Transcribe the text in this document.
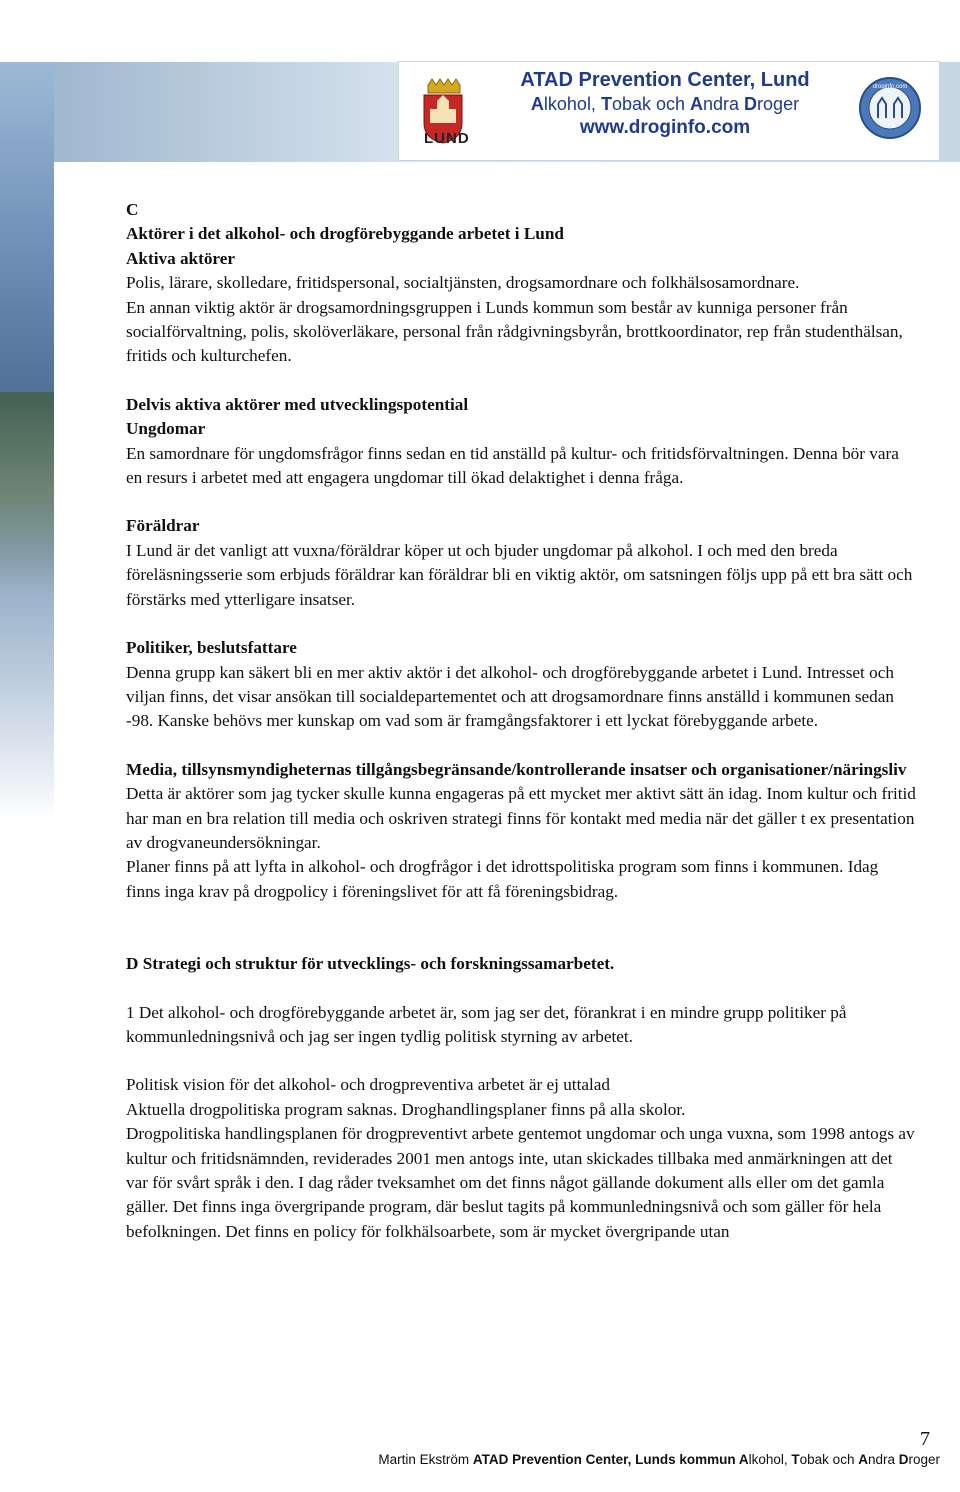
LUND
ATAD Prevention Center, Lund
Alkohol, Tobak och Andra Droger
www.droginfo.com
droginfo.com

C

Aktörer i det alkohol- och drogförebyggande arbetet i Lund

Aktiva aktörer

Polis, lärare, skolledare, fritidspersonal, socialtjänsten, drogsamordnare och folkhälsosamordnare.

En annan viktig aktör är drogsamordningsgruppen i Lunds kommun som består av kunniga personer från socialförvaltning, polis, skolöverläkare, personal från rådgivningsbyrån, brottkoordinator, rep från studenthälsan, fritids och kulturchefen.

Delvis aktiva aktörer med utvecklingspotential

Ungdomar

En samordnare för ungdomsfrågor finns sedan en tid anställd på kultur- och fritidsförvaltningen. Denna bör vara en resurs i arbetet med att engagera ungdomar till ökad delaktighet i denna fråga.

Föräldrar

I Lund är det vanligt att vuxna/föräldrar köper ut och bjuder ungdomar på alkohol. I och med den breda föreläsningsserie som erbjuds föräldrar kan föräldrar bli en viktig aktör, om satsningen följs upp på ett bra sätt och förstärks med ytterligare insatser.

Politiker, beslutsfattare

Denna grupp kan säkert bli en mer aktiv aktör i det alkohol- och drogförebyggande arbetet i Lund. Intresset och viljan finns, det visar ansökan till socialdepartementet och att drogsamordnare finns anställd i kommunen sedan -98. Kanske behövs mer kunskap om vad som är framgångsfaktorer i ett lyckat förebyggande arbete.

Media, tillsynsmyndigheternas tillgångsbegränsande/kontrollerande insatser och organisationer/näringsliv

Detta är aktörer som jag tycker skulle kunna engageras på ett mycket mer aktivt sätt än idag. Inom kultur och fritid har man en bra relation till media och oskriven strategi finns för kontakt med media när det gäller t ex presentation av drogvaneundersökningar.

Planer finns på att lyfta in alkohol- och drogfrågor i det idrottspolitiska program som finns i kommunen. Idag finns inga krav på drogpolicy i föreningslivet för att få föreningsbidrag.

D Strategi och struktur för utvecklings- och forskningssamarbetet.

1 Det alkohol- och drogförebyggande arbetet är, som jag ser det, förankrat i en mindre grupp politiker på kommunledningsnivå och jag ser ingen tydlig politisk styrning av arbetet.

Politisk vision för det alkohol- och drogpreventiva arbetet är ej uttalad

Aktuella drogpolitiska program saknas. Droghandlingsplaner finns på alla skolor.

Drogpolitiska handlingsplanen för drogpreventivt arbete gentemot ungdomar och unga vuxna, som 1998 antogs av kultur och fritidsnämnden, reviderades 2001 men antogs inte, utan skickades tillbaka med anmärkningen att det var för svårt språk i den. I dag råder tveksamhet om det finns något gällande dokument alls eller om det gamla gäller. Det finns inga övergripande program, där beslut tagits på kommunledningsnivå och som gäller för hela befolkningen. Det finns en policy för folkhälsoarbete, som är mycket övergripande utan

7
Martin Ekström ATAD Prevention Center, Lunds kommun Alkohol, Tobak och Andra Droger
